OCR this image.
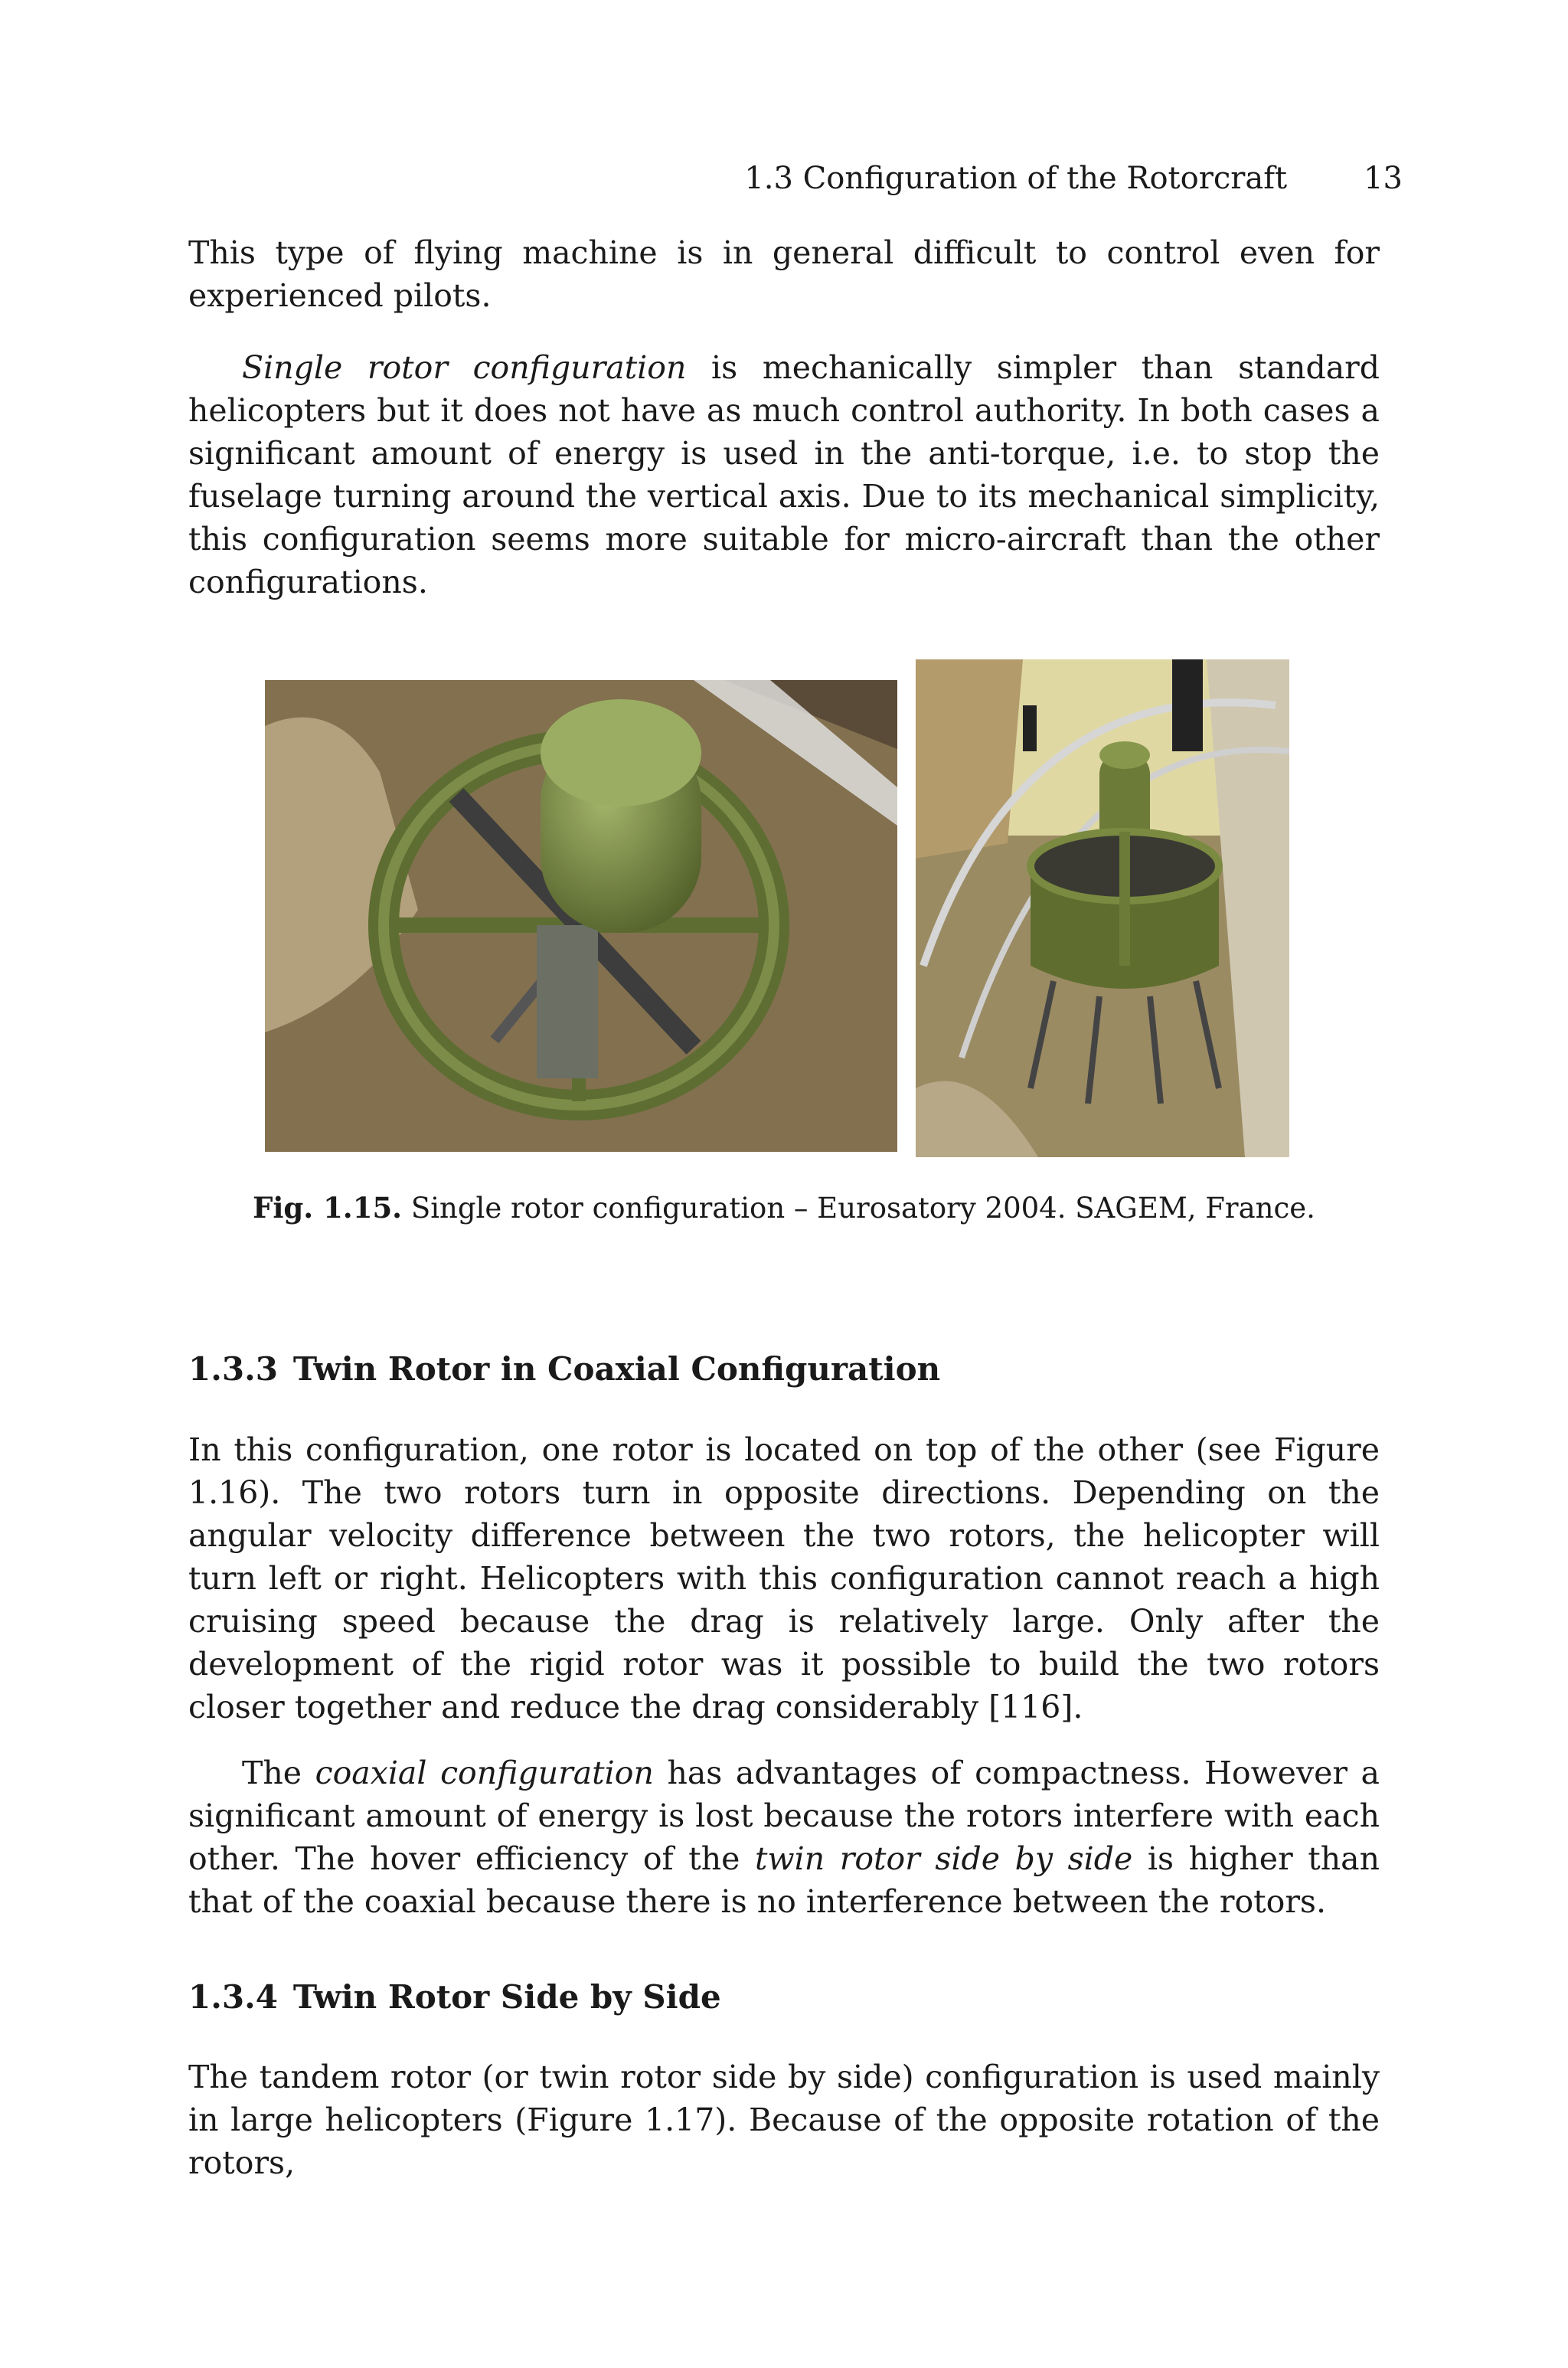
1.3 Configuration of the Rotorcraft	13

This type of flying machine is in general difficult to control even for experienced pilots.

Single rotor configuration is mechanically simpler than standard helicopters but it does not have as much control authority. In both cases a significant amount of energy is used in the anti-torque, i.e. to stop the fuselage turning around the vertical axis. Due to its mechanical simplicity, this configuration seems more suitable for micro-aircraft than the other configurations.

Fig. 1.15. Single rotor configuration – Eurosatory 2004. SAGEM, France.
1.3.3 Twin Rotor in Coaxial Configuration

In this configuration, one rotor is located on top of the other (see Figure 1.16). The two rotors turn in opposite directions. Depending on the angular velocity difference between the two rotors, the helicopter will turn left or right. Helicopters with this configuration cannot reach a high cruising speed because the drag is relatively large. Only after the development of the rigid rotor was it possible to build the two rotors closer together and reduce the drag considerably [116].

The coaxial configuration has advantages of compactness. However a significant amount of energy is lost because the rotors interfere with each other. The hover efficiency of the twin rotor side by side is higher than that of the coaxial because there is no interference between the rotors.

1.3.4 Twin Rotor Side by Side

The tandem rotor (or twin rotor side by side) configuration is used mainly in large helicopters (Figure 1.17). Because of the opposite rotation of the rotors,
